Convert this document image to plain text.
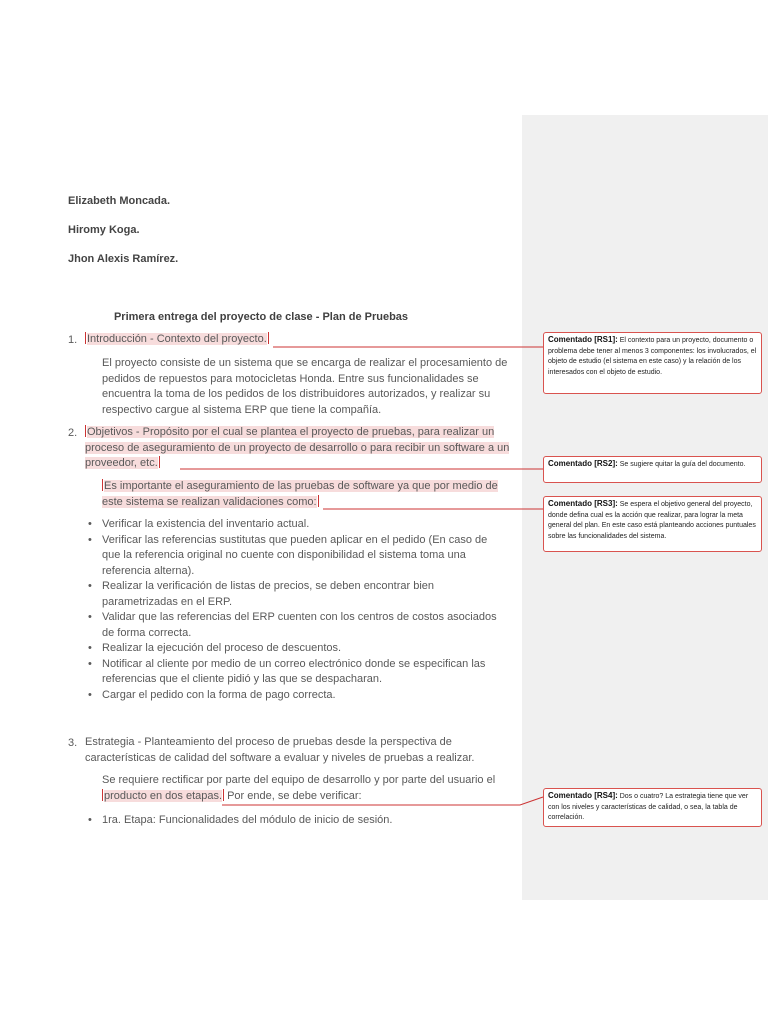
Elizabeth Moncada.
Hiromy Koga.
Jhon Alexis Ramírez.
Primera entrega del proyecto de clase - Plan de Pruebas
1. Introducción - Contexto del proyecto.

El proyecto consiste de un sistema que se encarga de realizar el procesamiento de pedidos de repuestos para motocicletas Honda. Entre sus funcionalidades se encuentra la toma de los pedidos de los distribuidores autorizados, y realizar su respectivo cargue al sistema ERP que tiene la compañía.

2. Objetivos - Propósito por el cual se plantea el proyecto de pruebas, para realizar un proceso de aseguramiento de un proyecto de desarrollo o para recibir un software a un proveedor, etc.

Es importante el aseguramiento de las pruebas de software ya que por medio de este sistema se realizan validaciones como:

• Verificar la existencia del inventario actual.
• Verificar las referencias sustitutas que pueden aplicar en el pedido (En caso de que la referencia original no cuente con disponibilidad el sistema toma una referencia alterna).
• Realizar la verificación de listas de precios, se deben encontrar bien parametrizadas en el ERP.
• Validar que las referencias del ERP cuenten con los centros de costos asociados de forma correcta.
• Realizar la ejecución del proceso de descuentos.
• Notificar al cliente por medio de un correo electrónico donde se especifican las referencias que el cliente pidió y las que se despacharan.
• Cargar el pedido con la forma de pago correcta.
3. Estrategia - Planteamiento del proceso de pruebas desde la perspectiva de características de calidad del software a evaluar y niveles de pruebas a realizar.

Se requiere rectificar por parte del equipo de desarrollo y por parte del usuario el
producto en dos etapas. Por ende, se debe verificar:

• 1ra. Etapa: Funcionalidades del módulo de inicio de sesión.
Comentado [RS1]: El contexto para un proyecto, documento o problema debe tener al menos 3 componentes: los involucrados, el objeto de estudio (el sistema en este caso) y la relación de los interesados con el objeto de estudio.
Comentado [RS2]: Se sugiere quitar la guía del documento.
Comentado [RS3]: Se espera el objetivo general del proyecto, donde defina cual es la acción que realizar, para lograr la meta general del plan. En este caso está planteando acciones puntuales sobre las funcionalidades del sistema.
Comentado [RS4]: Dos o cuatro? La estrategia tiene que ver con los niveles y características de calidad, o sea, la tabla de correlación.
